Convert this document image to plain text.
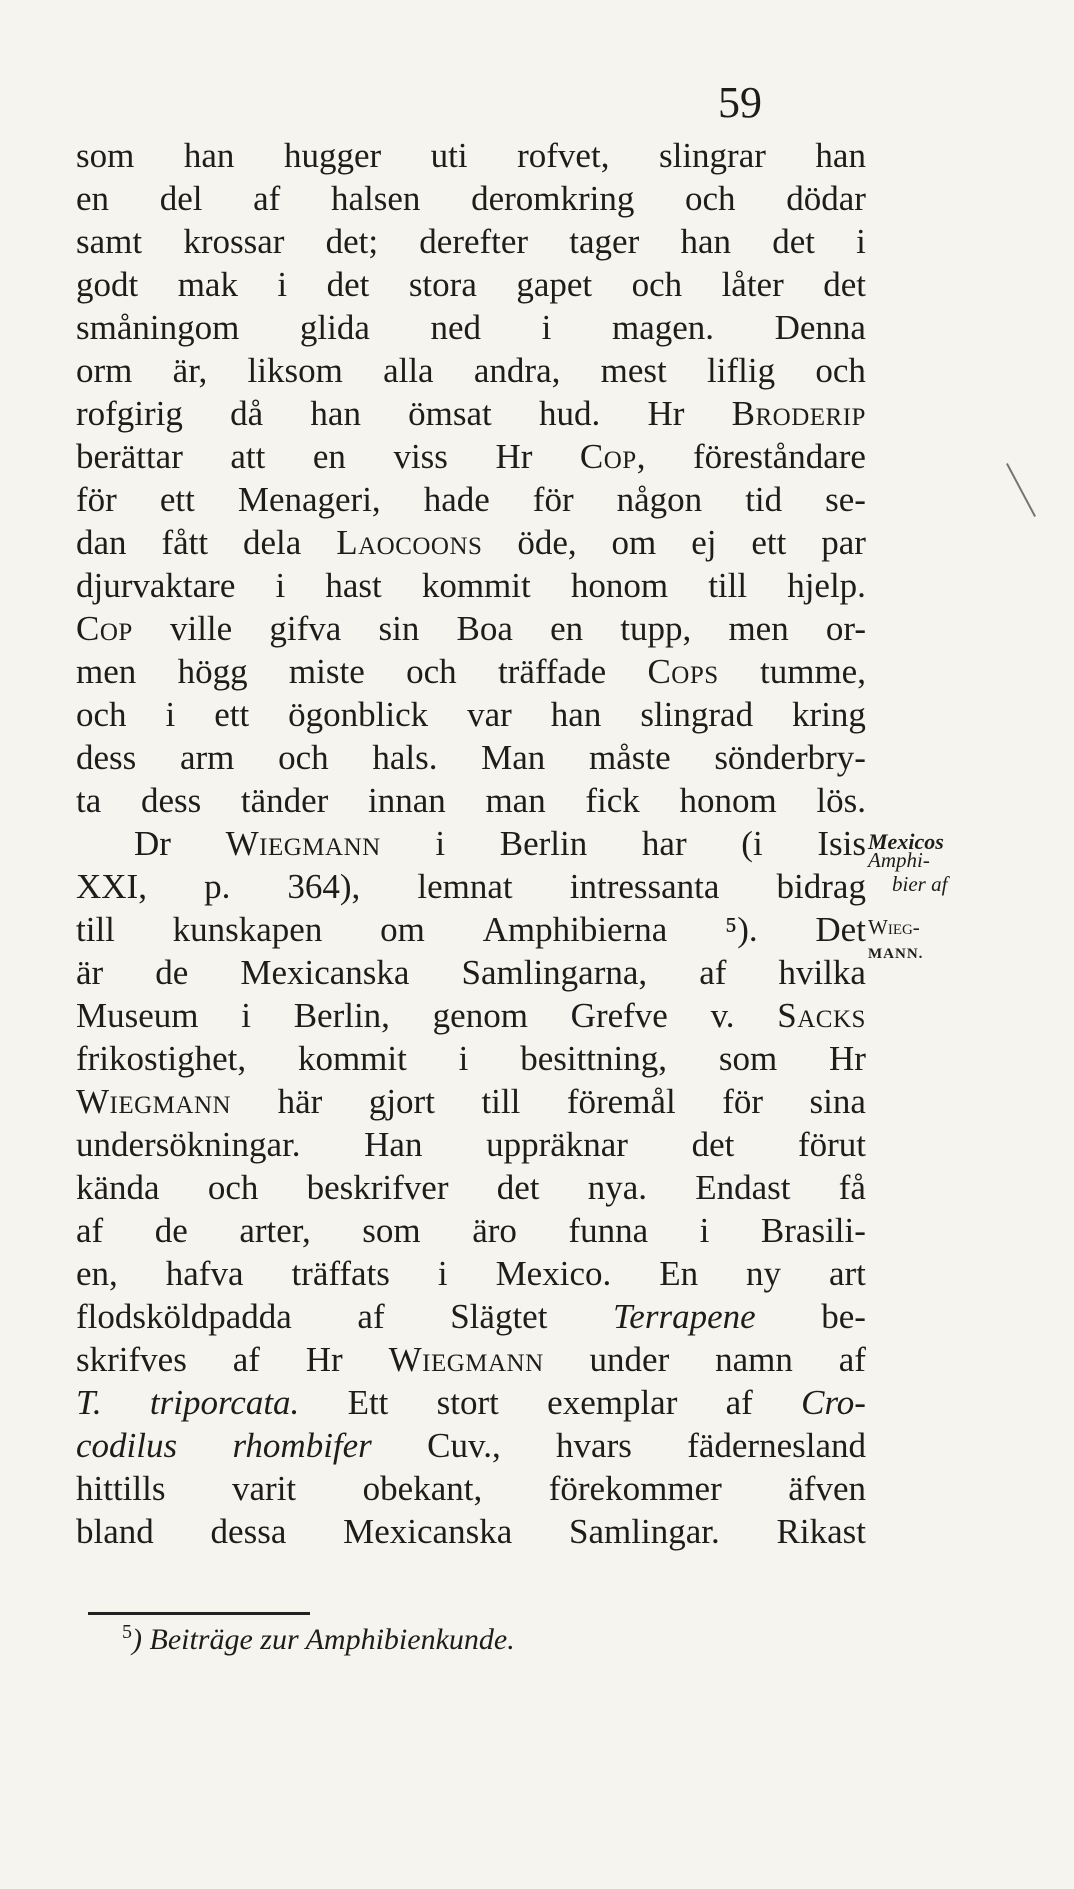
59
som han hugger uti rofvet, slingrar han
en del af halsen deromkring och dödar
samt krossar det; derefter tager han det i
godt mak i det stora gapet och låter det
småningom glida ned i magen. Denna
orm är, liksom alla andra, mest liflig och
rofgirig då han ömsat hud. Hr Broderip
berättar att en viss Hr Cop, föreståndare
för ett Menageri, hade för någon tid se-
dan fått dela Laocoons öde, om ej ett par
djurvaktare i hast kommit honom till hjelp.
Cop ville gifva sin Boa en tupp, men or-
men högg miste och träffade Cops tumme,
och i ett ögonblick var han slingrad kring
dess arm och hals. Man måste sönderbry-
ta dess tänder innan man fick honom lös.
Dr Wiegmann i Berlin har (i Isis
XXI, p. 364), lemnat intressanta bidrag
till kunskapen om Amphibierna ⁵). Det
är de Mexicanska Samlingarna, af hvilka
Museum i Berlin, genom Grefve v. Sacks
frikostighet, kommit i besittning, som Hr
Wiegmann här gjort till föremål för sina
undersökningar. Han uppräknar det förut
kända och beskrifver det nya. Endast få
af de arter, som äro funna i Brasili-
en, hafva träffats i Mexico. En ny art
flodsköldpadda af Slägtet Terrapene be-
skrifves af Hr Wiegmann under namn af
T. triporcata. Ett stort exemplar af Cro-
codilus rhombifer Cuv., hvars fädernesland
hittills varit obekant, förekommer äfven
bland dessa Mexicanska Samlingar. Rikast
Mexicos
Amphi-
bier af
Wieg-
MANN.
$^5$) Beiträge zur Amphibienkunde.
